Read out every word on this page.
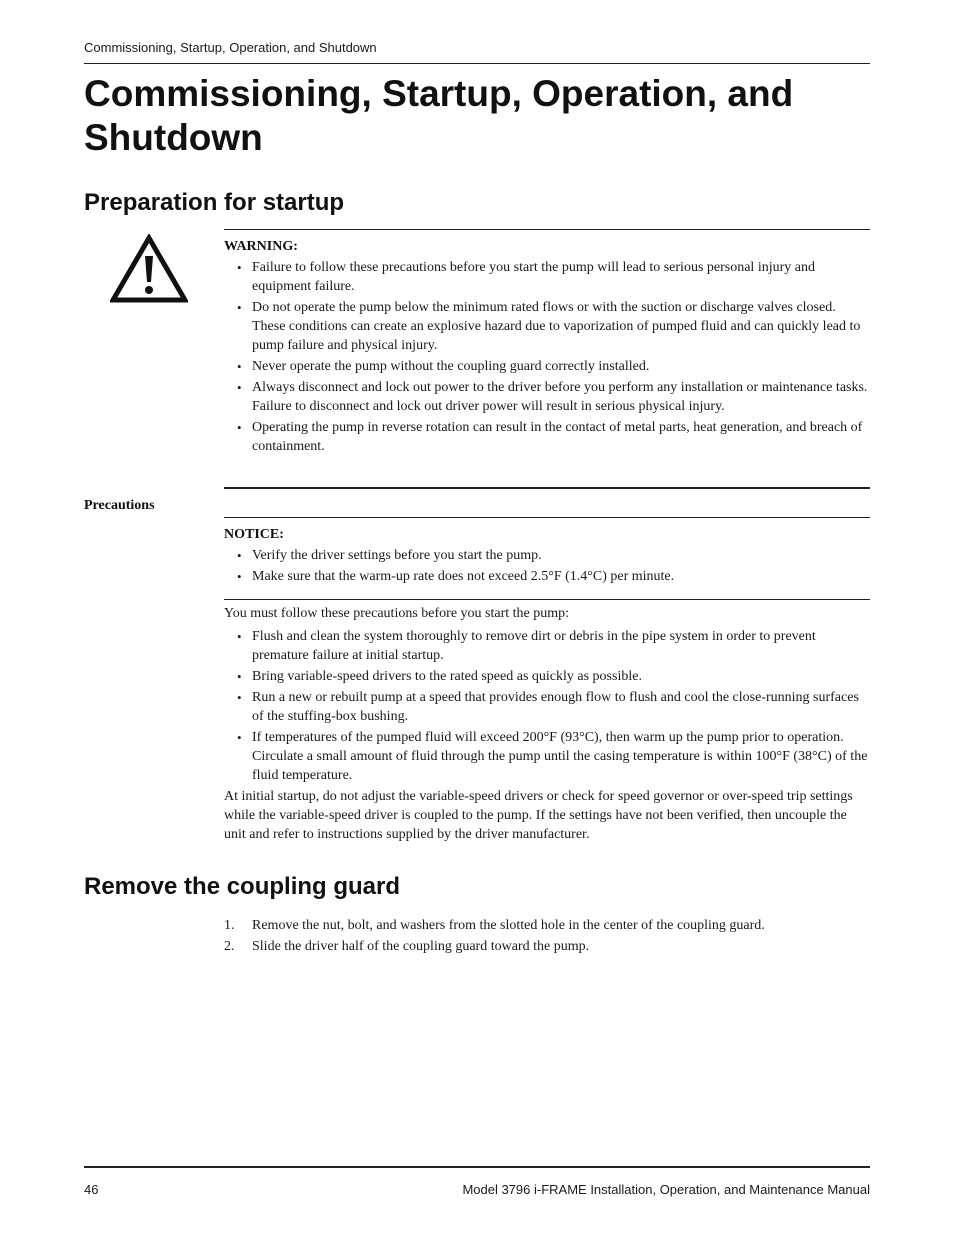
Commissioning, Startup, Operation, and Shutdown
Commissioning, Startup, Operation, and Shutdown
Preparation for startup
WARNING:
• Failure to follow these precautions before you start the pump will lead to serious personal injury and equipment failure.
• Do not operate the pump below the minimum rated flows or with the suction or discharge valves closed. These conditions can create an explosive hazard due to vaporization of pumped fluid and can quickly lead to pump failure and physical injury.
• Never operate the pump without the coupling guard correctly installed.
• Always disconnect and lock out power to the driver before you perform any installation or maintenance tasks. Failure to disconnect and lock out driver power will result in serious physical injury.
• Operating the pump in reverse rotation can result in the contact of metal parts, heat generation, and breach of containment.
Precautions
NOTICE:
• Verify the driver settings before you start the pump.
• Make sure that the warm-up rate does not exceed 2.5°F (1.4°C) per minute.

You must follow these precautions before you start the pump:

• Flush and clean the system thoroughly to remove dirt or debris in the pipe system in order to prevent premature failure at initial startup.
• Bring variable-speed drivers to the rated speed as quickly as possible.
• Run a new or rebuilt pump at a speed that provides enough flow to flush and cool the close-running surfaces of the stuffing-box bushing.
• If temperatures of the pumped fluid will exceed 200°F (93°C), then warm up the pump prior to operation. Circulate a small amount of fluid through the pump until the casing temperature is within 100°F (38°C) of the fluid temperature.

At initial startup, do not adjust the variable-speed drivers or check for speed governor or over-speed trip settings while the variable-speed driver is coupled to the pump. If the settings have not been verified, then uncouple the unit and refer to instructions supplied by the driver manufacturer.

Remove the coupling guard
1. Remove the nut, bolt, and washers from the slotted hole in the center of the coupling guard.
2. Slide the driver half of the coupling guard toward the pump.
46	Model 3796 i-FRAME Installation, Operation, and Maintenance Manual
